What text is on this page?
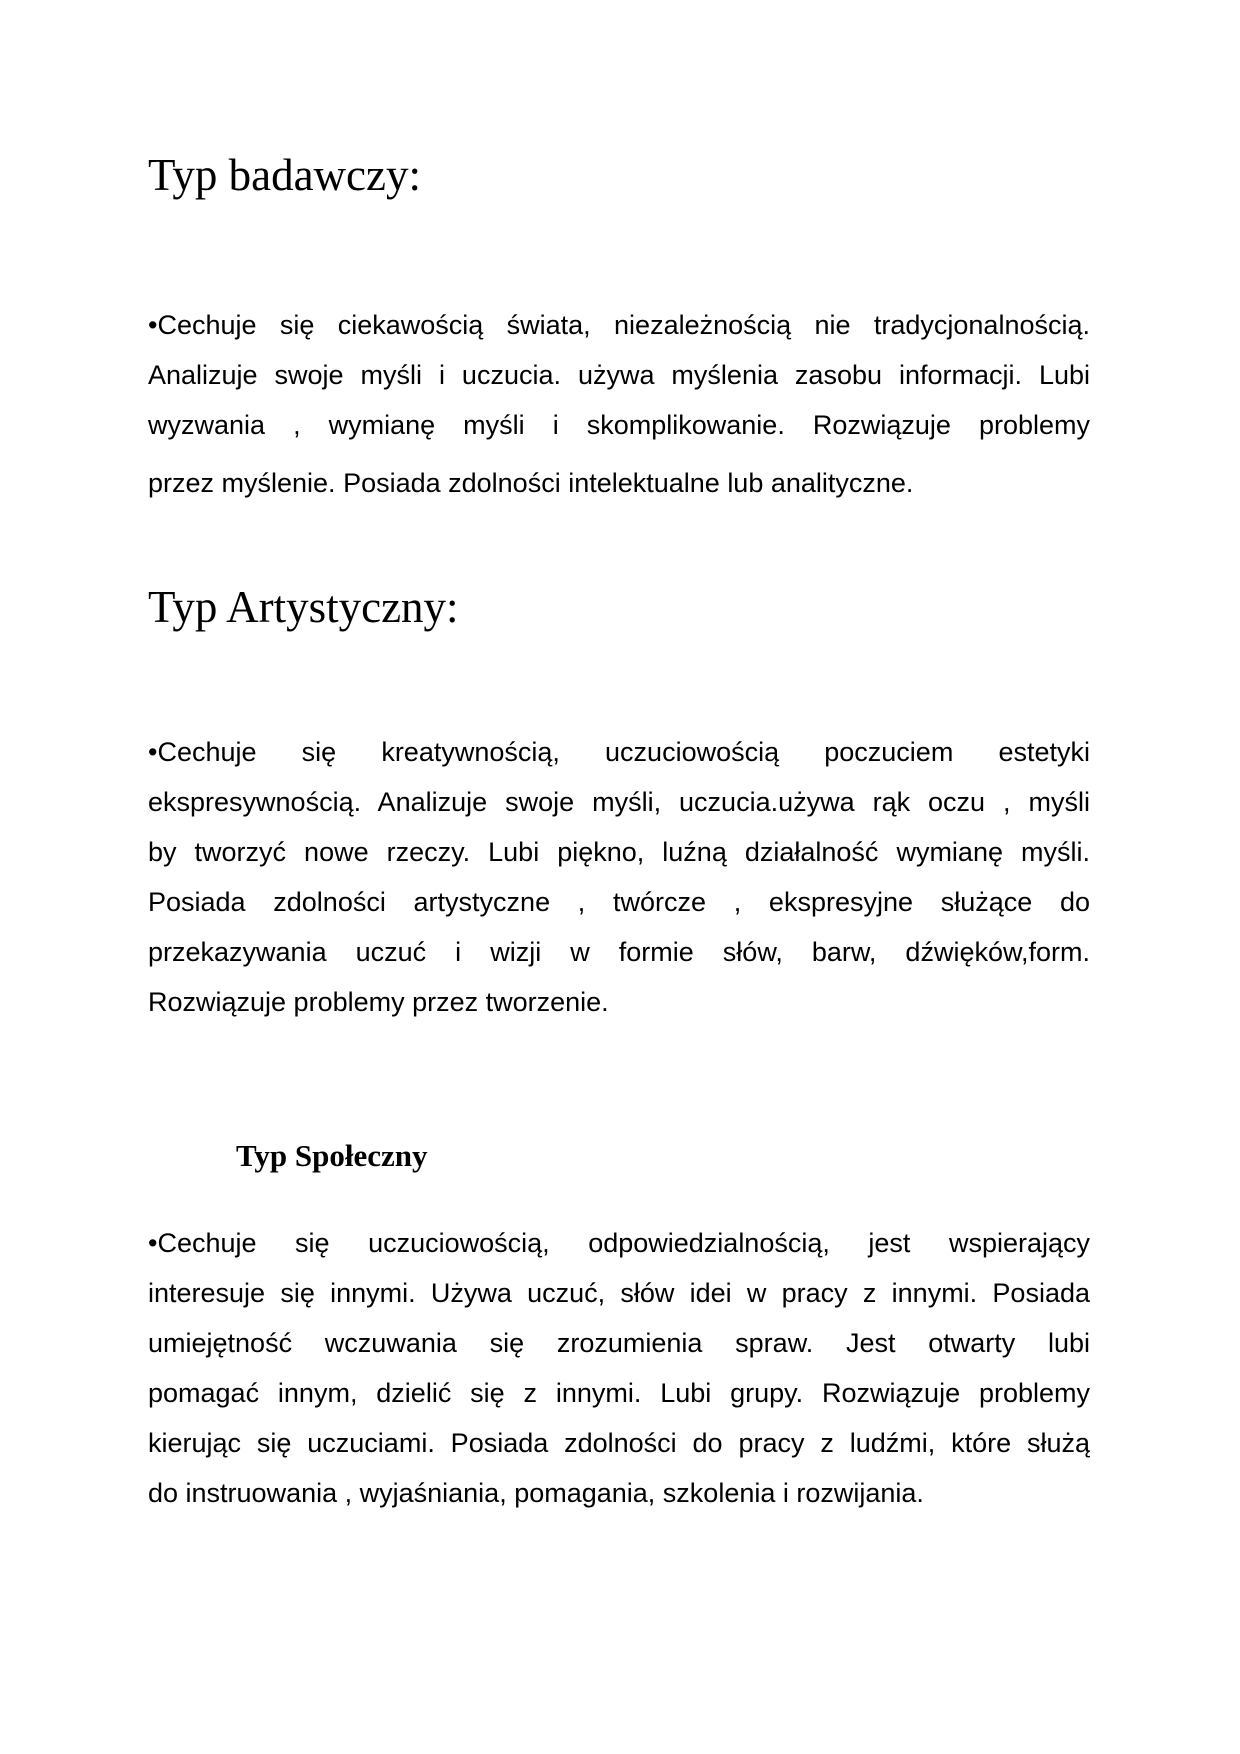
Typ badawczy:
•Cechuje się ciekawością świata, niezależnością nie tradycjonalnością.
Analizuje swoje myśli i uczucia. używa myślenia zasobu informacji. Lubi
wyzwania , wymianę myśli i skomplikowanie. Rozwiązuje problemy
przez myślenie. Posiada zdolności intelektualne lub analityczne.
Typ Artystyczny:
•Cechuje się kreatywnością, uczuciowością poczuciem estetyki
ekspresywnością. Analizuje swoje myśli, uczucia.używa rąk oczu , myśli
by tworzyć nowe rzeczy. Lubi piękno, luźną działalność wymianę myśli.
Posiada zdolności artystyczne , twórcze , ekspresyjne służące do
przekazywania uczuć i wizji w formie słów, barw, dźwięków,form.
Rozwiązuje problemy przez tworzenie.
Typ Społeczny
•Cechuje się uczuciowością, odpowiedzialnością, jest wspierający
interesuje się innymi. Używa uczuć, słów idei w pracy z innymi. Posiada
umiejętność wczuwania się zrozumienia spraw. Jest otwarty lubi
pomagać innym, dzielić się z innymi. Lubi grupy. Rozwiązuje problemy
kierując się uczuciami. Posiada zdolności do pracy z ludźmi, które służą
do instruowania , wyjaśniania, pomagania, szkolenia i rozwijania.
